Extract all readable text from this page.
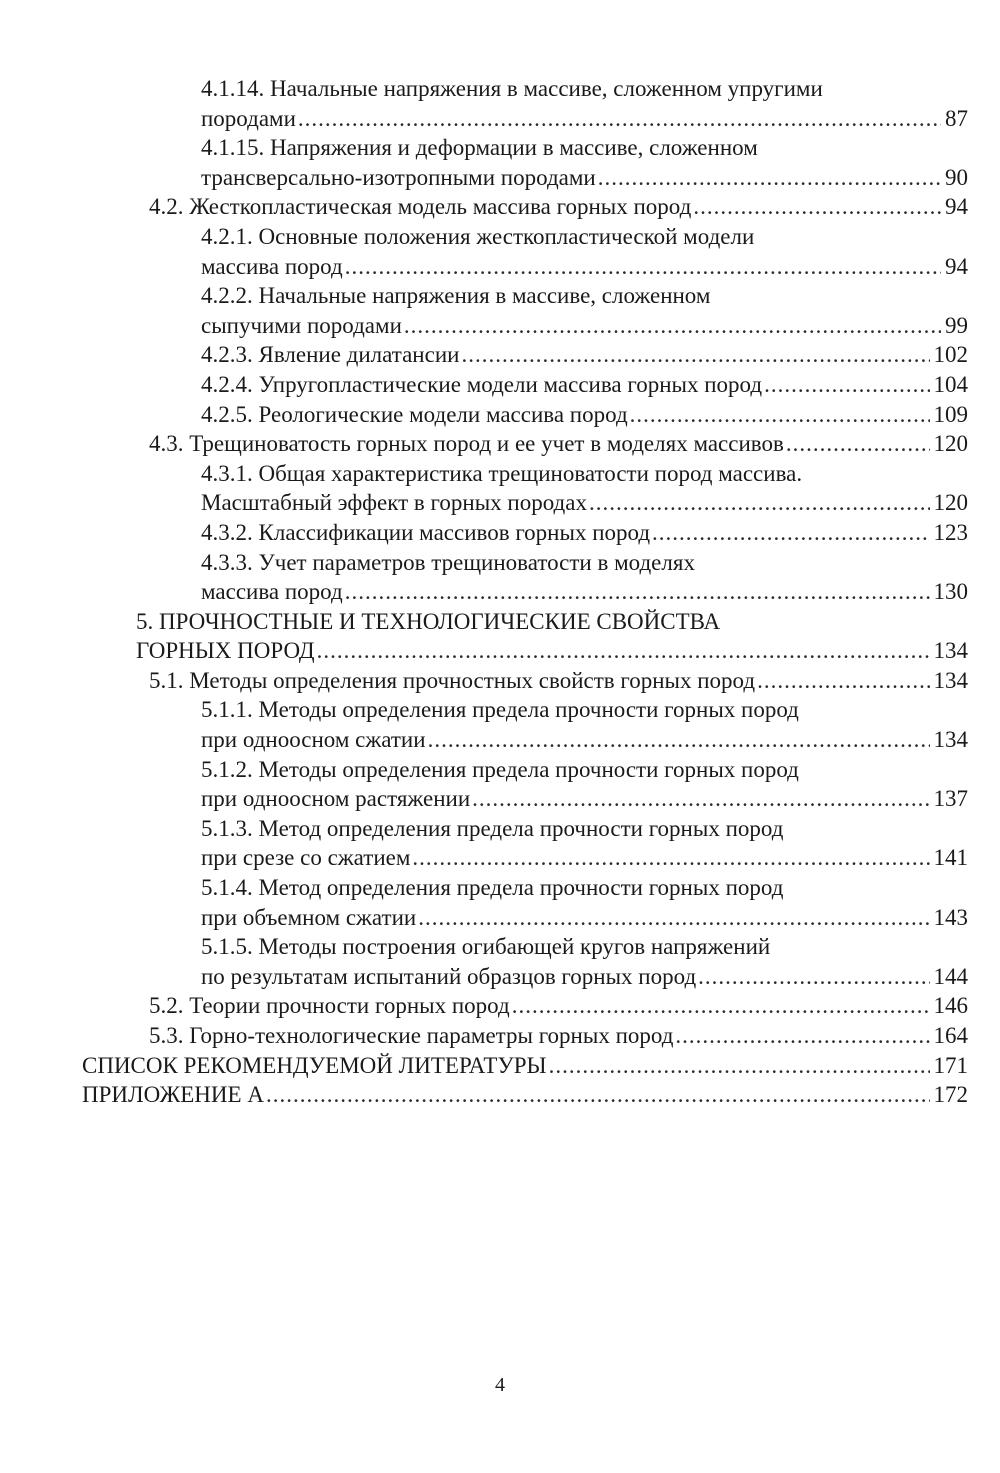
4.1.14. Начальные напряжения в массиве, сложенном упругими
породами .....	87
4.1.15. Напряжения и деформации в массиве, сложенном
трансверсально-изотропными породами .....	90
4.2. Жесткопластическая модель массива горных пород .....	94
4.2.1. Основные положения жесткопластической модели
массива пород .....	94
4.2.2. Начальные напряжения в массиве, сложенном
сыпучими породами .....	99
4.2.3. Явление дилатансии .....	102
4.2.4. Упругопластические модели массива горных пород .....	104
4.2.5. Реологические модели массива пород .....	109
4.3. Трещиноватость горных пород и ее учет в моделях массивов .....	120
4.3.1. Общая характеристика трещиноватости пород массива.
Масштабный эффект в горных породах .....	120
4.3.2. Классификации массивов горных пород .....	123
4.3.3. Учет параметров трещиноватости в моделях
массива пород .....	130
5. ПРОЧНОСТНЫЕ И ТЕХНОЛОГИЧЕСКИЕ СВОЙСТВА
ГОРНЫХ ПОРОД .....	134
5.1. Методы определения прочностных свойств горных пород .....	134
5.1.1. Методы определения предела прочности горных пород
при одноосном сжатии .....	134
5.1.2. Методы определения предела прочности горных пород
при одноосном растяжении .....	137
5.1.3. Метод определения предела прочности горных пород
при срезе со сжатием .....	141
5.1.4. Метод определения предела прочности горных пород
при объемном сжатии .....	143
5.1.5. Методы построения огибающей кругов напряжений
по результатам испытаний образцов горных пород .....	144
5.2. Теории прочности горных пород .....	146
5.3. Горно-технологические параметры горных пород .....	164
СПИСОК РЕКОМЕНДУЕМОЙ ЛИТЕРАТУРЫ .....	171
ПРИЛОЖЕНИЕ А .....	172
4
